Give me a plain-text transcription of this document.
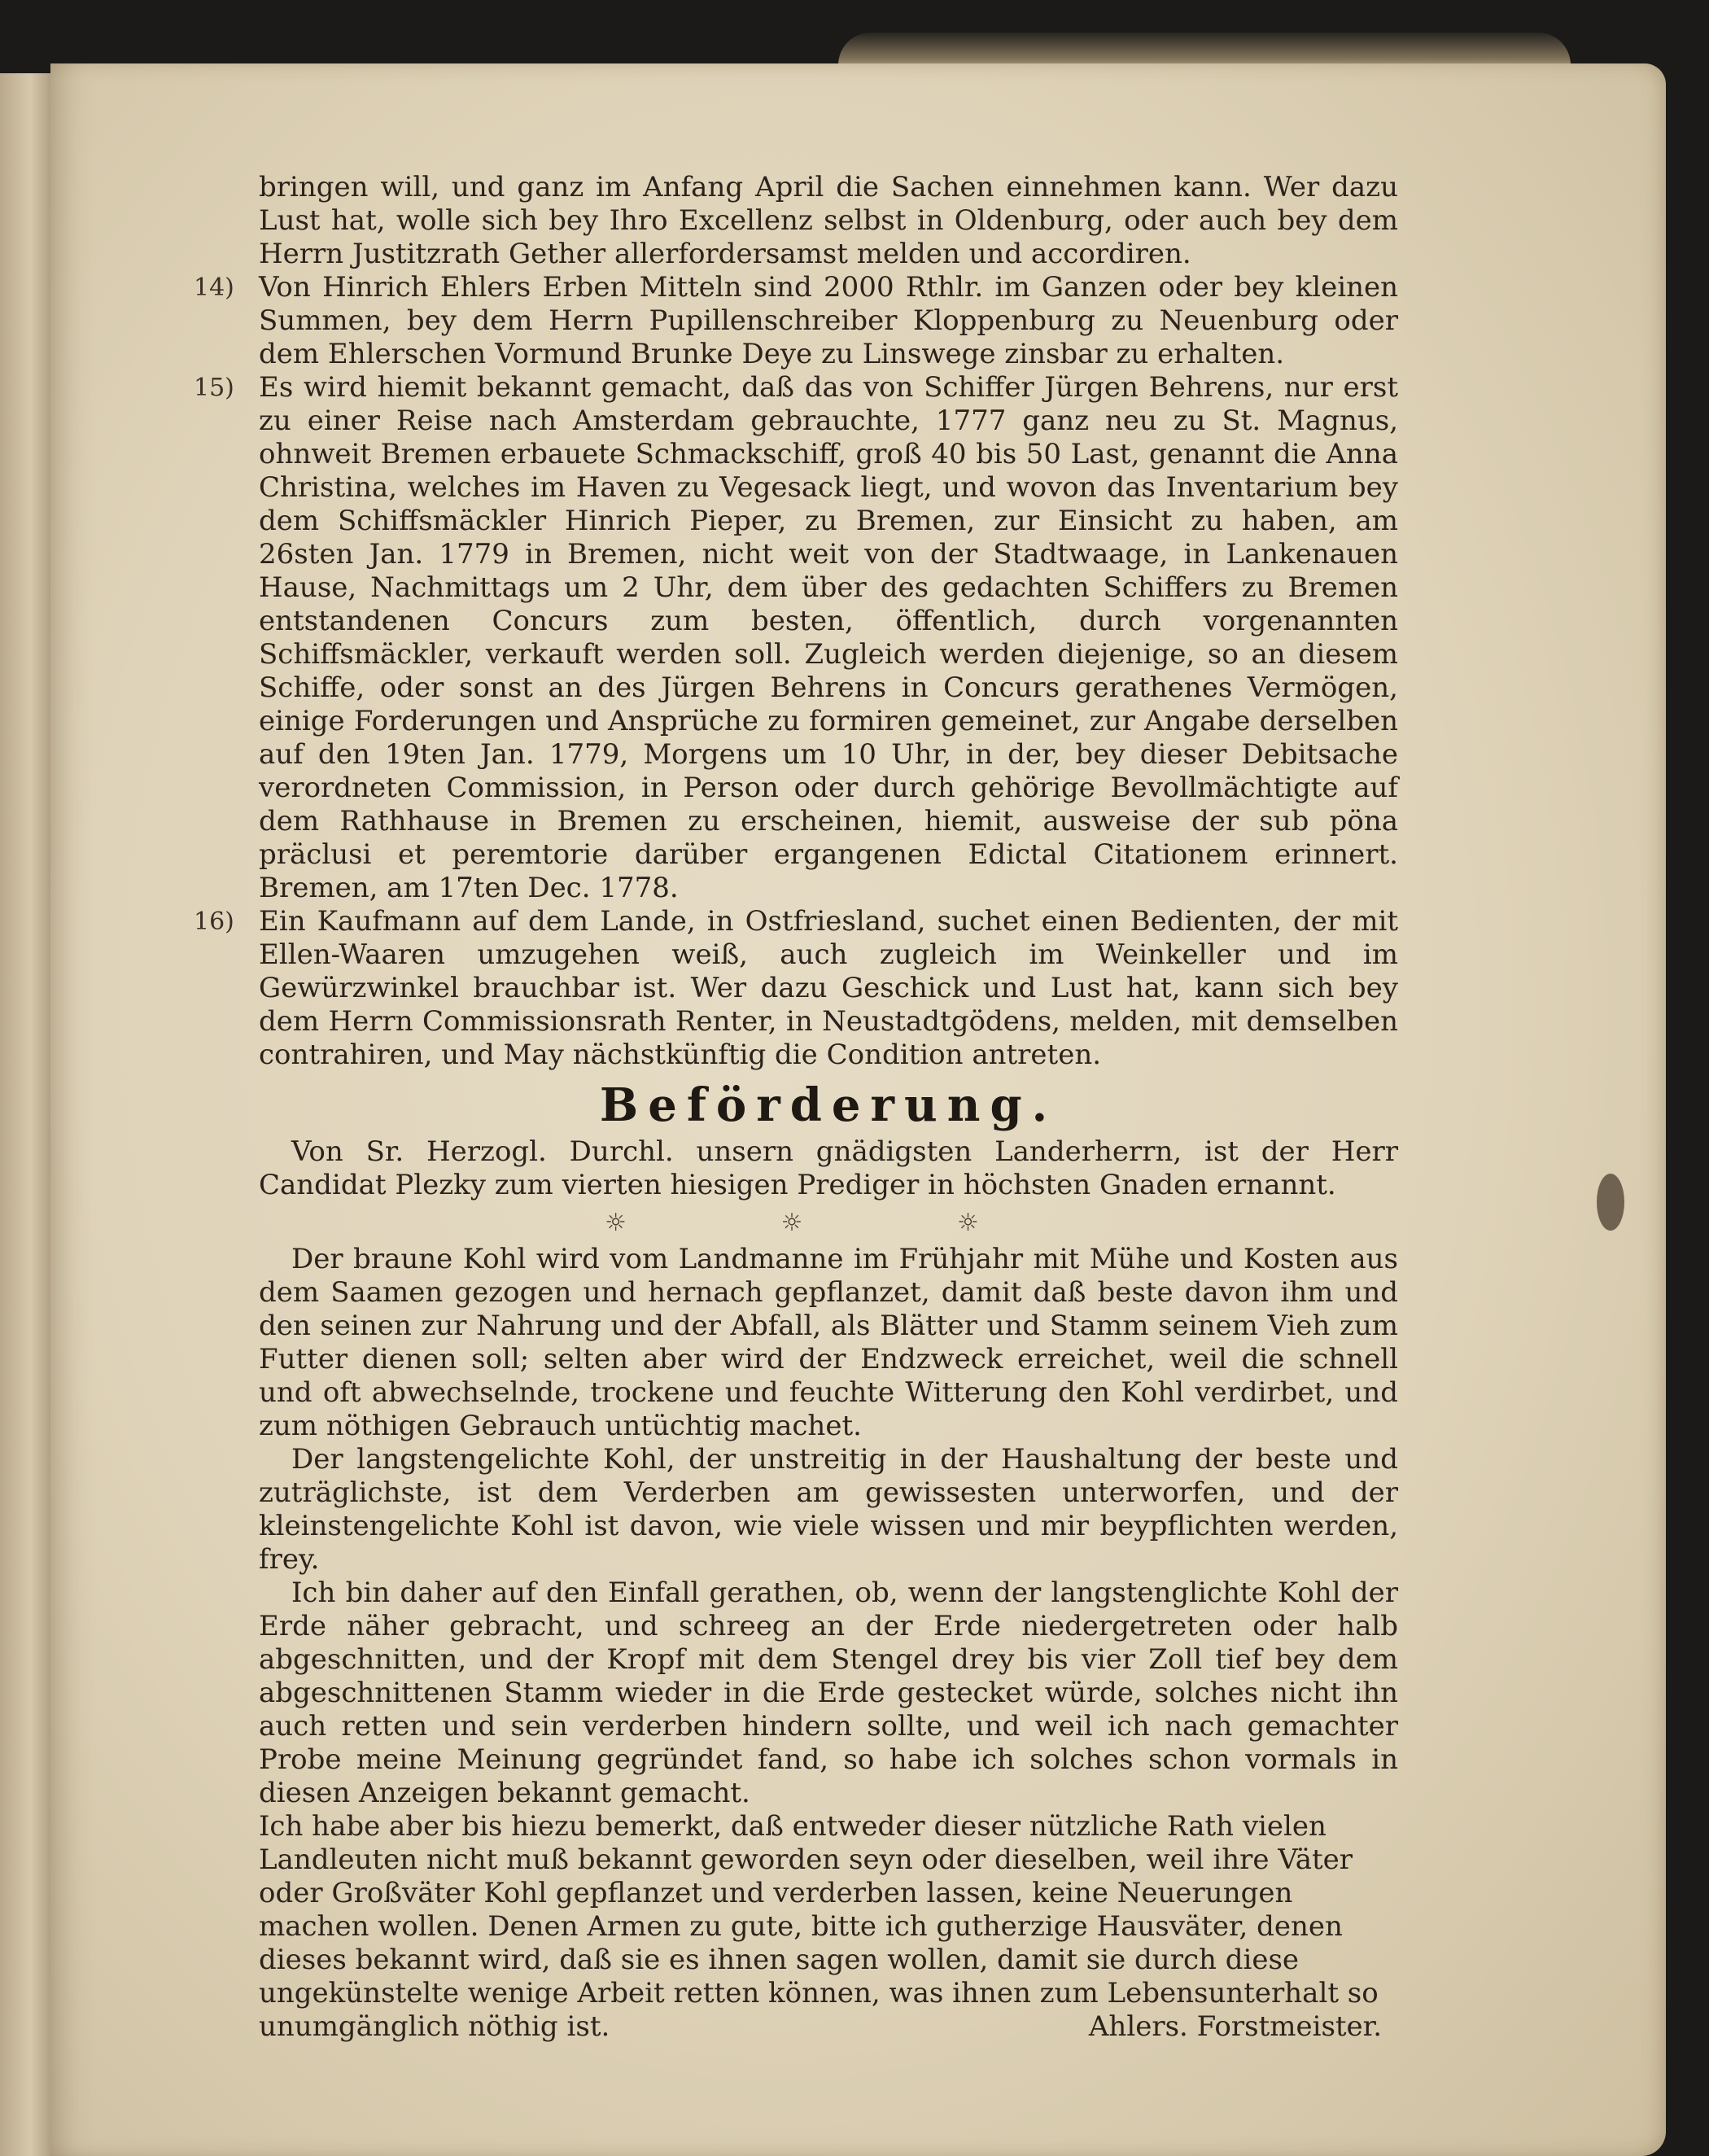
bringen will, und ganz im Anfang April die Sachen einnehmen kann. Wer dazu Lust hat, wolle sich bey Ihro Excellenz selbst in Oldenburg, oder auch bey dem Herrn Justitzrath Gether allerfordersamst melden und accordiren.

14) Von Hinrich Ehlers Erben Mitteln sind 2000 Rthlr. im Ganzen oder bey kleinen Summen, bey dem Herrn Pupillenschreiber Kloppenburg zu Neuenburg oder dem Ehlerschen Vormund Brunke Deye zu Linswege zinsbar zu erhalten.

15) Es wird hiemit bekannt gemacht, daß das von Schiffer Jürgen Behrens, nur erst zu einer Reise nach Amsterdam gebrauchte, 1777 ganz neu zu St. Magnus, ohnweit Bremen erbauete Schmackschiff, groß 40 bis 50 Last, genannt die Anna Christina, welches im Haven zu Vegesack liegt, und wovon das Inventarium bey dem Schiffsmäckler Hinrich Pieper, zu Bremen, zur Einsicht zu haben, am 26sten Jan. 1779 in Bremen, nicht weit von der Stadtwaage, in Lankenauen Hause, Nachmittags um 2 Uhr, dem über des gedachten Schiffers zu Bremen entstandenen Concurs zum besten, öffentlich, durch vorgenannten Schiffsmäckler, verkauft werden soll. Zugleich werden diejenige, so an diesem Schiffe, oder sonst an des Jürgen Behrens in Concurs gerathenes Vermögen, einige Forderungen und Ansprüche zu formiren gemeinet, zur Angabe derselben auf den 19ten Jan. 1779, Morgens um 10 Uhr, in der, bey dieser Debitsache verordneten Commission, in Person oder durch gehörige Bevollmächtigte auf dem Rathhause in Bremen zu erscheinen, hiemit, ausweise der sub pöna präclusi et peremtorie darüber ergangenen Edictal Citationem erinnert. Bremen, am 17ten Dec. 1778.

16) Ein Kaufmann auf dem Lande, in Ostfriesland, suchet einen Bedienten, der mit Ellen-Waaren umzugehen weiß, auch zugleich im Weinkeller und im Gewürzwinkel brauchbar ist. Wer dazu Geschick und Lust hat, kann sich bey dem Herrn Commissionsrath Renter, in Neustadtgödens, melden, mit demselben contrahiren, und May nächstkünftig die Condition antreten.

Beförderung.

Von Sr. Herzogl. Durchl. unsern gnädigsten Landerherrn, ist der Herr Candidat Plezky zum vierten hiesigen Prediger in höchsten Gnaden ernannt.

☼ ☼ ☼

Der braune Kohl wird vom Landmanne im Frühjahr mit Mühe und Kosten aus dem Saamen gezogen und hernach gepflanzet, damit daß beste davon ihm und den seinen zur Nahrung und der Abfall, als Blätter und Stamm seinem Vieh zum Futter dienen soll; selten aber wird der Endzweck erreichet, weil die schnell und oft abwechselnde, trockene und feuchte Witterung den Kohl verdirbet, und zum nöthigen Gebrauch untüchtig machet.

Der langstengelichte Kohl, der unstreitig in der Haushaltung der beste und zuträglichste, ist dem Verderben am gewissesten unterworfen, und der kleinstengelichte Kohl ist davon, wie viele wissen und mir beypflichten werden, frey.

Ich bin daher auf den Einfall gerathen, ob, wenn der langstenglichte Kohl der Erde näher gebracht, und schreeg an der Erde niedergetreten oder halb abgeschnitten, und der Kropf mit dem Stengel drey bis vier Zoll tief bey dem abgeschnittenen Stamm wieder in die Erde gestecket würde, solches nicht ihn auch retten und sein verderben hindern sollte, und weil ich nach gemachter Probe meine Meinung gegründet fand, so habe ich solches schon vormals in diesen Anzeigen bekannt gemacht.

Ich habe aber bis hiezu bemerkt, daß entweder dieser nützliche Rath vielen Landleuten nicht muß bekannt geworden seyn oder dieselben, weil ihre Väter oder Großväter Kohl gepflanzet und verderben lassen, keine Neuerungen machen wollen. Denen Armen zu gute, bitte ich gutherzige Hausväter, denen dieses bekannt wird, daß sie es ihnen sagen wollen, damit sie durch diese ungekünstelte wenige Arbeit retten können, was ihnen zum Lebensunterhalt so unumgänglich nöthig ist.	Ahlers. Forstmeister.
